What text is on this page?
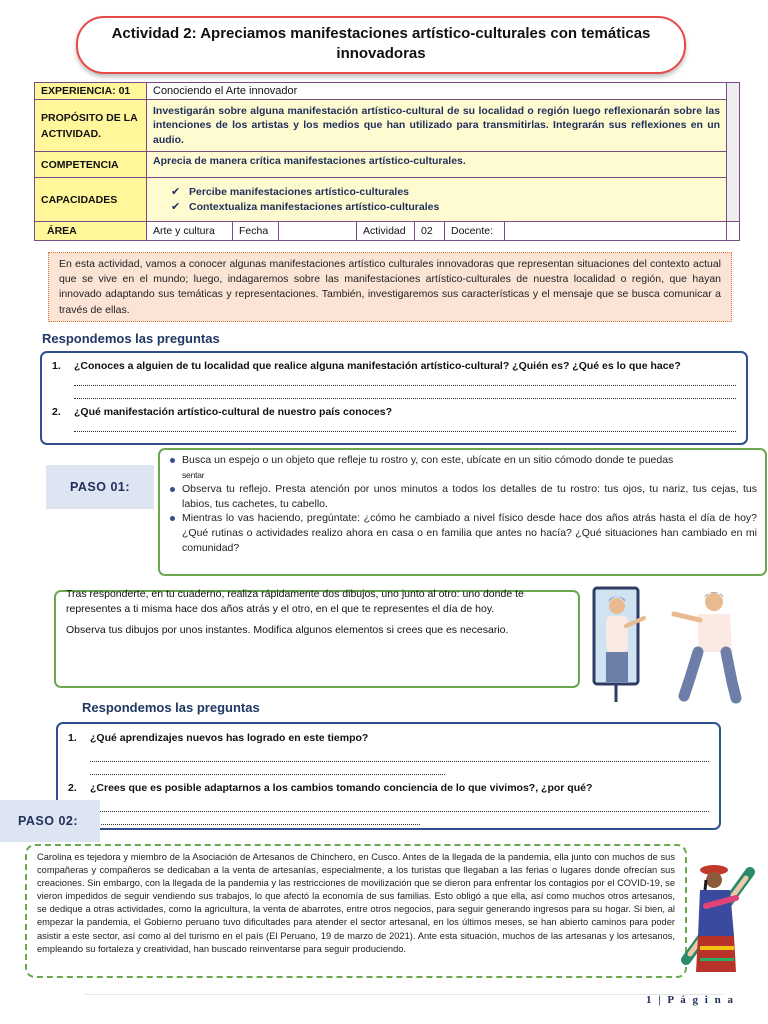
Actividad 2: Apreciamos manifestaciones artístico-culturales con temáticas
innovadoras
EXPERIENCIA: 01	Conociendo el Arte innovador							
PROPÓSITO DE LA ACTIVIDAD.	Investigarán sobre alguna manifestación artístico-cultural de su localidad o región luego reflexionarán sobre las intenciones de los artistas y los medios que han utilizado para transmitirlas. Integrarán sus reflexiones en un audio.							
COMPETENCIA	Aprecia de manera crítica manifestaciones artístico-culturales.							
CAPACIDADES	✔ Percibe manifestaciones artístico-culturales
✔ Contextualiza manifestaciones artístico-culturales							

ÁREA	Arte y cultura	Fecha		Actividad	02	Docente:		
En esta actividad, vamos a conocer algunas manifestaciones artístico culturales innovadoras que representan situaciones del contexto actual que se vive en el mundo; luego, indagaremos sobre las manifestaciones artístico-culturales de nuestra localidad o región, que hayan innovado adaptando sus temáticas y representaciones. También, investigaremos sus características y el mensaje que se busca comunicar a través de ellas.
Respondemos las preguntas
1.	¿Conoces a alguien de tu localidad que realice alguna manifestación artístico-cultural? ¿Quién es? ¿Qué es lo que hace?
2.	¿Qué manifestación artístico-cultural de nuestro país conoces?
PASO 01:
Busca un espejo o un objeto que refleje tu rostro y, con este, ubícate en un sitio cómodo donde te puedas
sentar
Observa tu reflejo. Presta atención por unos minutos a todos los detalles de tu rostro: tus ojos, tu nariz, tus cejas, tus labios, tus cachetes, tu cabello.
Mientras lo vas haciendo, pregúntate: ¿cómo he cambiado a nivel físico desde hace dos años atrás hasta el día de hoy? ¿Qué rutinas o actividades realizo ahora en casa o en familia que antes no hacía? ¿Qué situaciones han cambiado en mi comunidad?
Tras responderte, en tu cuaderno, realiza rápidamente dos dibujos, uno junto al otro: uno donde te representes a ti misma hace dos años atrás y el otro, en el que te representes el día de hoy.
Observa tus dibujos por unos instantes. Modifica algunos elementos si crees que es necesario.
Respondemos las preguntas
1.	¿Qué aprendizajes nuevos has logrado en este tiempo?
2.	¿Crees que es posible adaptarnos a los cambios tomando conciencia de lo que vivimos?, ¿por qué?
PASO 02:
Carolina es tejedora y miembro de la Asociación de Artesanos de Chinchero, en Cusco. Antes de la llegada de la pandemia, ella junto con muchos de sus compañeras y compañeros se dedicaban a la venta de artesanías, especialmente, a los turistas que llegaban a las ferias o lugares donde ofrecían sus creaciones. Sin embargo, con la llegada de la pandemia y las restricciones de movilización que se dieron para enfrentar los contagios por el COVID-19, se vieron impedidos de seguir vendiendo sus trabajos, lo que afectó la economía de sus familias. Esto obligó a que ella, así como muchos otros artesanos, se dedique a otras actividades, como la agricultura, la venta de abarrotes, entre otros negocios, para seguir generando ingresos para su hogar. Si bien, al empezar la pandemia, el Gobierno peruano tuvo dificultades para atender el sector artesanal, en los últimos meses, se han abierto caminos para poder asistir a este sector, así como al del turismo en el país (El Peruano, 19 de marzo de 2021). Ante esta situación, muchos de las artesanas y los artesanos, empleando su fortaleza y creatividad, han buscado reinventarse para seguir produciendo.
1 | P á g i n a
